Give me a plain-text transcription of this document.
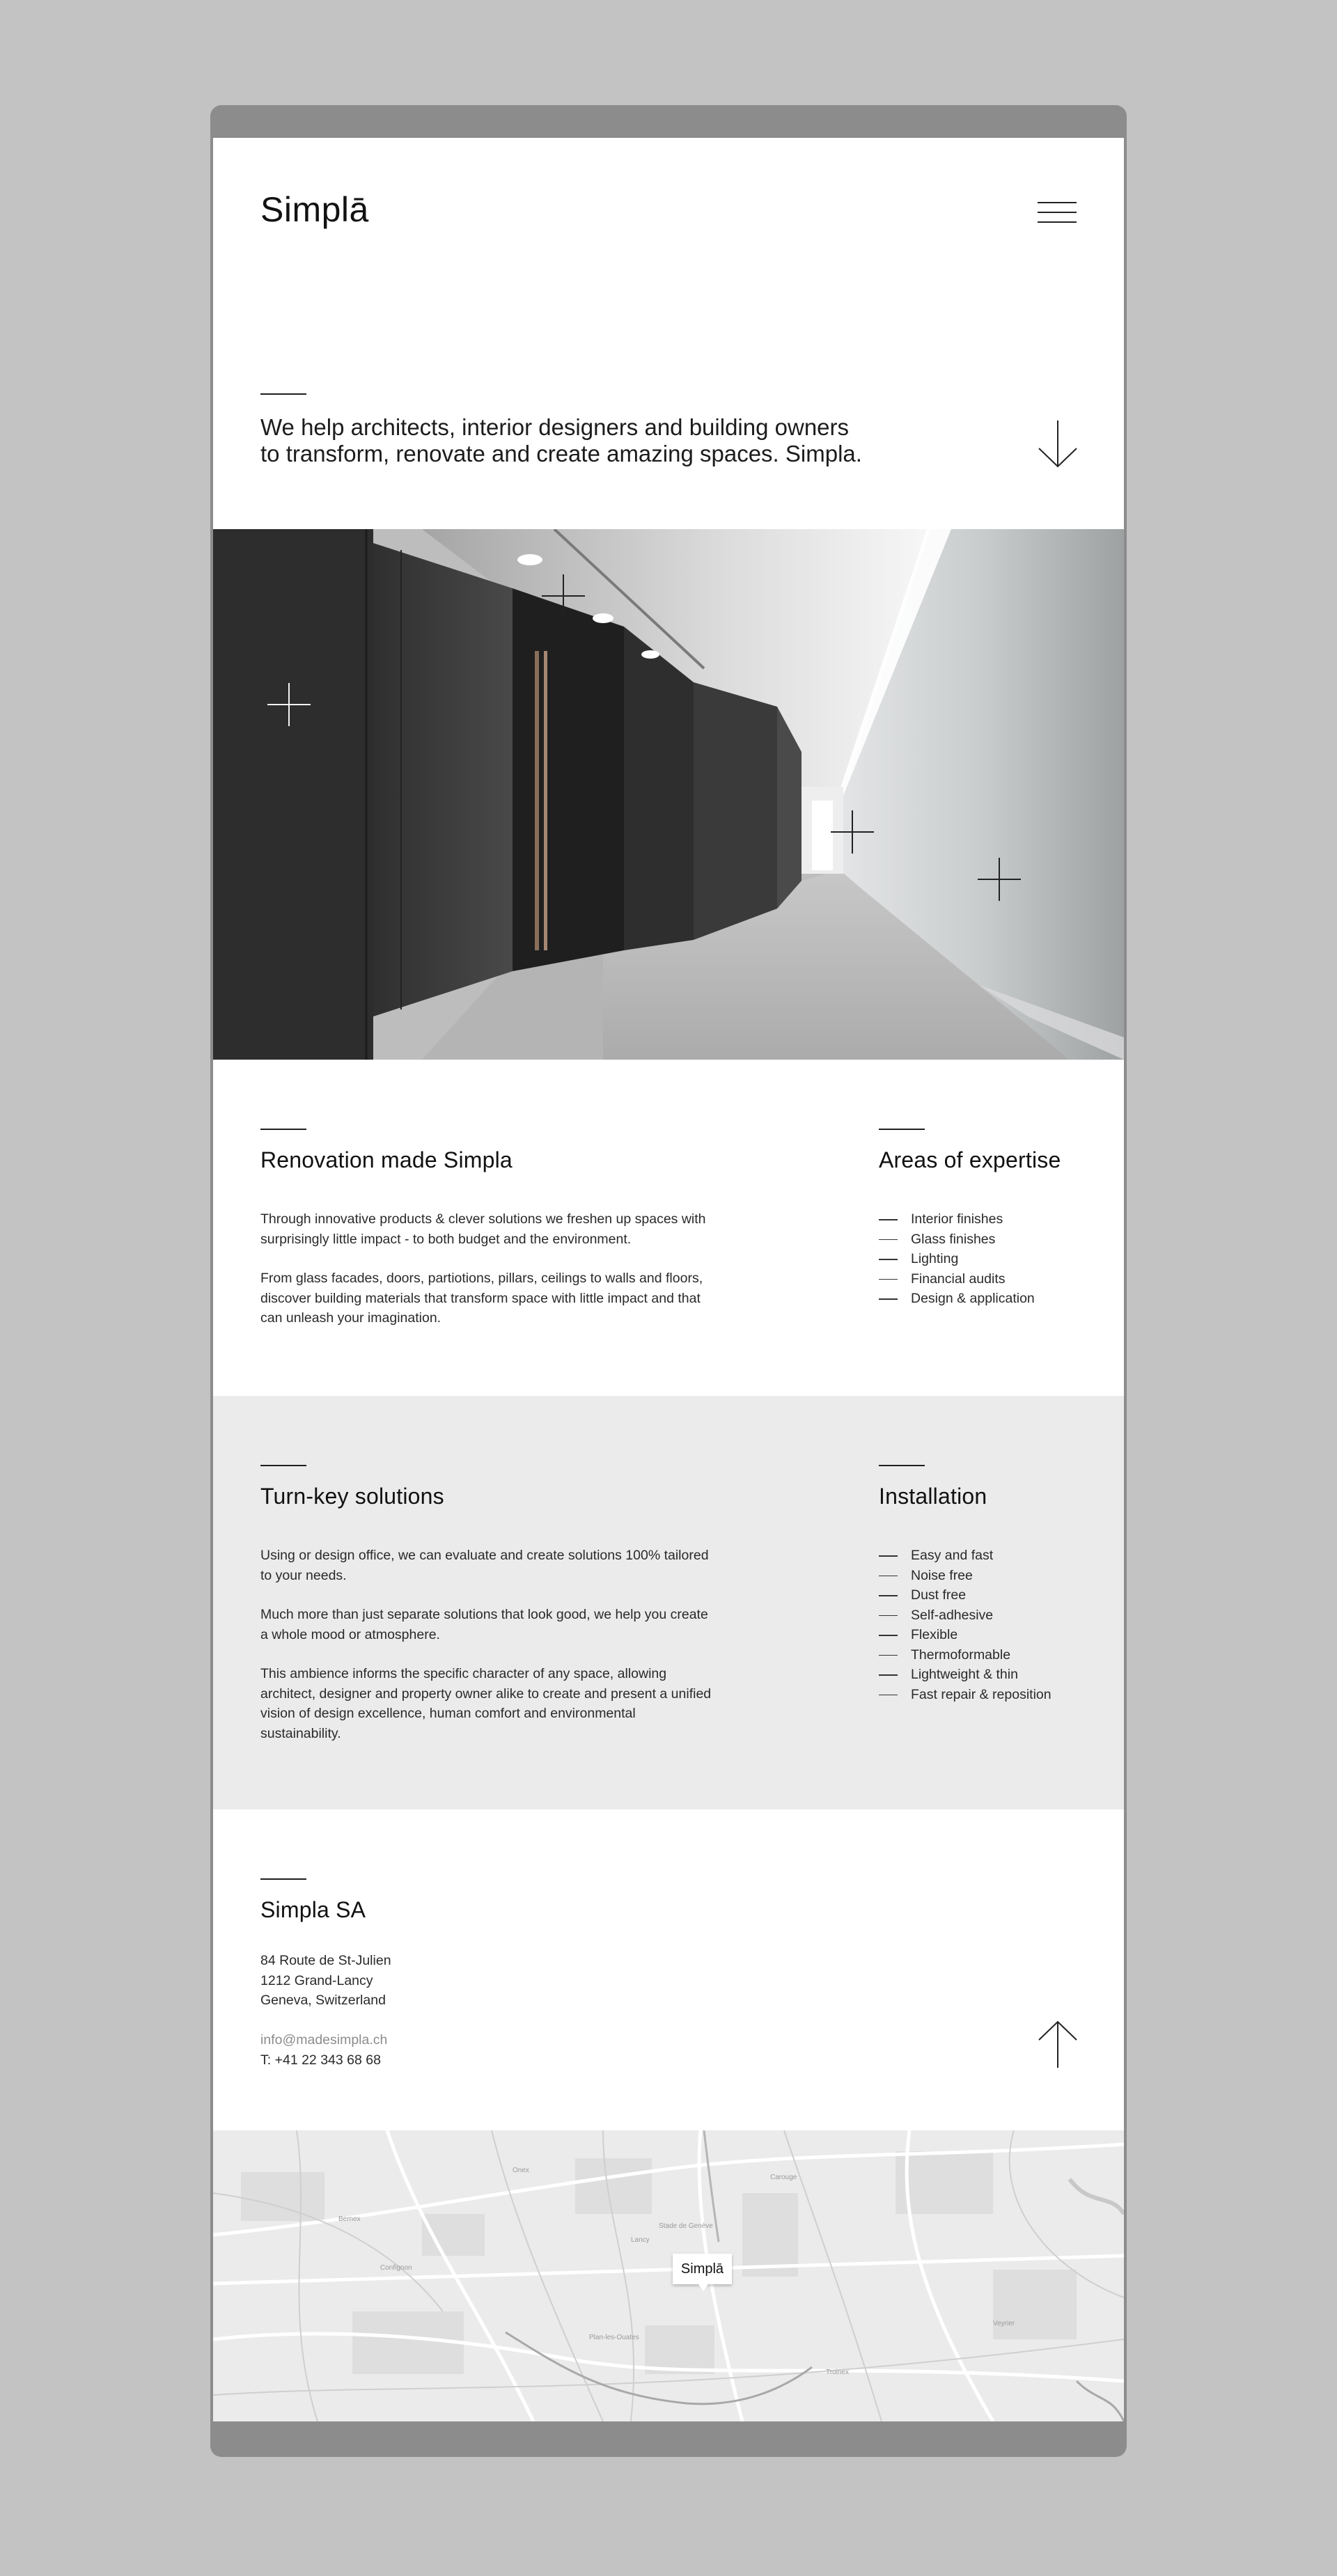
Simplā
We help architects, interior designers and building owners
to transform, renovate and create amazing spaces. Simpla.
Renovation made Simpla

Through innovative products & clever solutions we freshen up spaces with surprisingly little impact - to both budget and the environment.

From glass facades, doors, partiotions, pillars, ceilings to walls and floors, discover building materials that transform space with little impact and that can unleash your imagination.

Areas of expertise
Interior finishes
Glass finishes
Lighting
Financial audits
Design & application
Turn-key solutions

Using or design office, we can evaluate and create solutions 100% tailored to your needs.

Much more than just separate solutions that look good, we help you create a whole mood or atmosphere.

This ambience informs the specific character of any space, allowing architect, designer and property owner alike to create and present a unified vision of design excellence, human comfort and environmental sustainability.

Installation
Easy and fast
Noise free
Dust free
Self-adhesive
Flexible
Thermoformable
Lightweight & thin
Fast repair & reposition
Simpla SA
84 Route de St-Julien
1212 Grand-Lancy
Geneva, Switzerland
info@madesimpla.ch
T: +41 22 343 68 68
Onex
Carouge
Confignon
Bernex
Plan-les-Ouates
Troinex
Veyrier
Lancy
Stade de Genève
Simplā
